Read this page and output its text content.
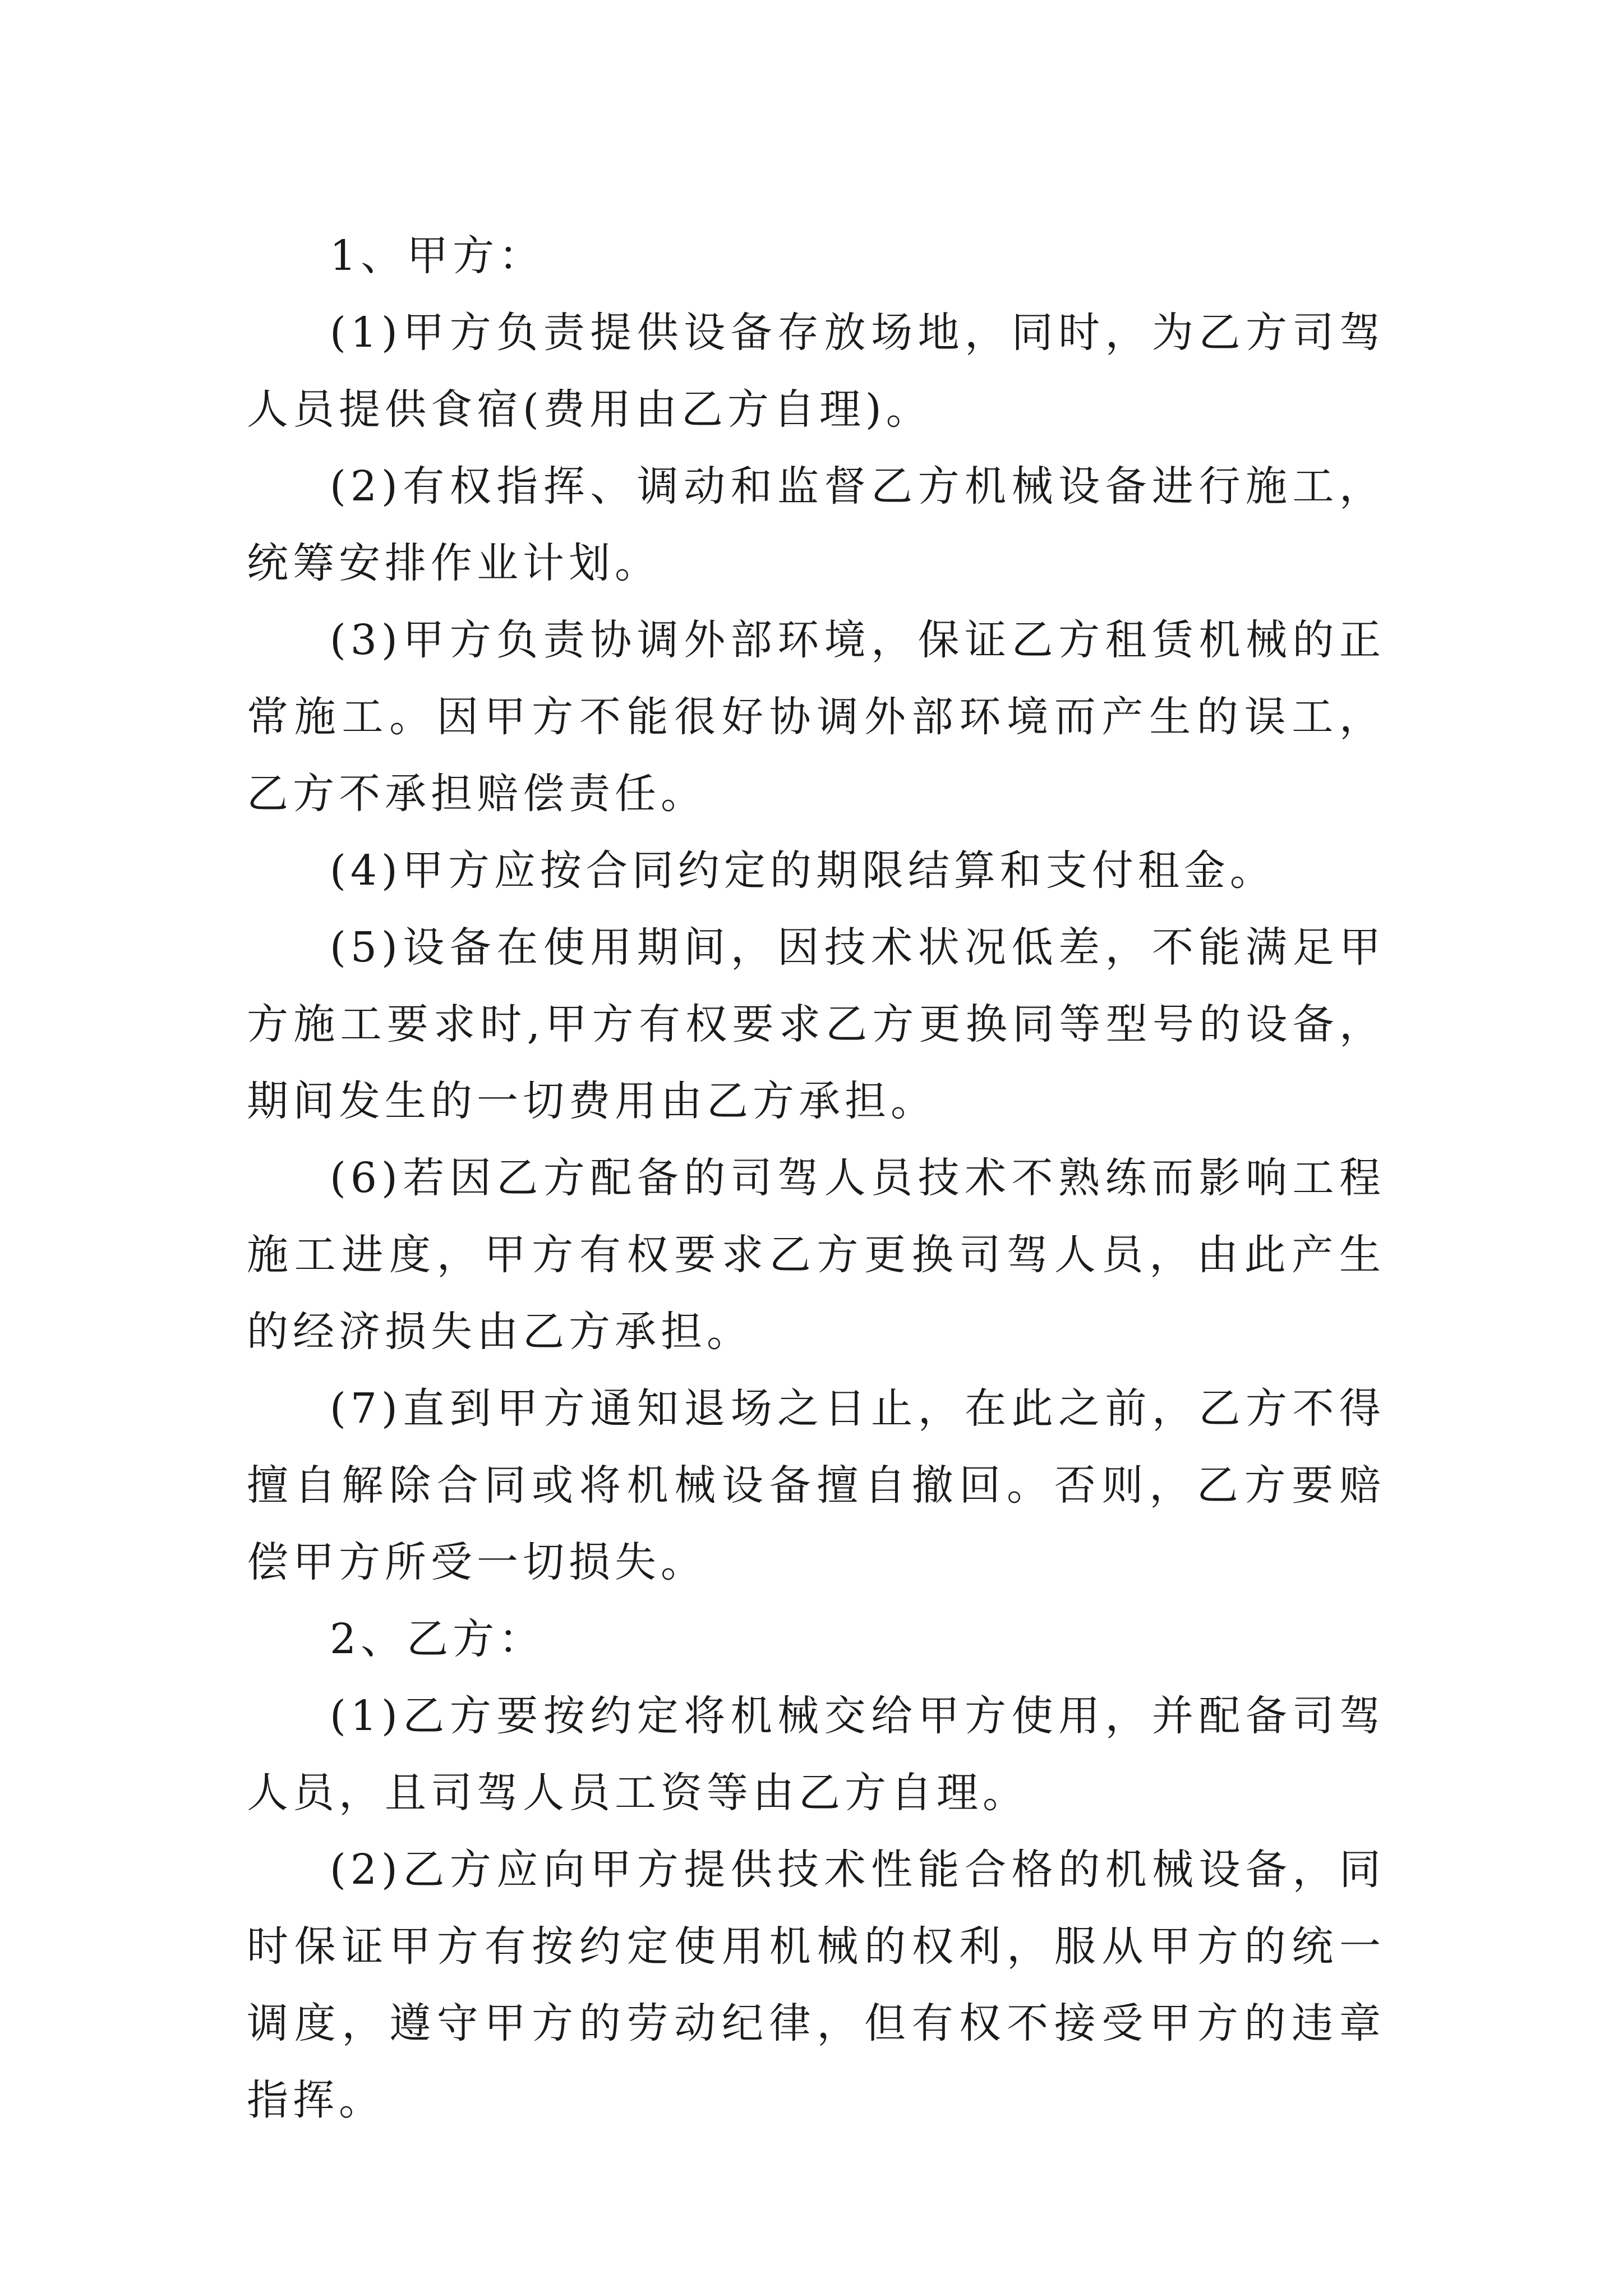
1、甲方：

(1)甲方负责提供设备存放场地，同时，为乙方司驾人员提供食宿(费用由乙方自理)。

(2)有权指挥、调动和监督乙方机械设备进行施工，统筹安排作业计划。

(3)甲方负责协调外部环境，保证乙方租赁机械的正常施工。因甲方不能很好协调外部环境而产生的误工，乙方不承担赔偿责任。

(4)甲方应按合同约定的期限结算和支付租金。

(5)设备在使用期间，因技术状况低差，不能满足甲方施工要求时,甲方有权要求乙方更换同等型号的设备，期间发生的一切费用由乙方承担。

(6)若因乙方配备的司驾人员技术不熟练而影响工程施工进度，甲方有权要求乙方更换司驾人员，由此产生的经济损失由乙方承担。

(7)直到甲方通知退场之日止，在此之前，乙方不得擅自解除合同或将机械设备擅自撤回。否则，乙方要赔偿甲方所受一切损失。

2、乙方：

(1)乙方要按约定将机械交给甲方使用，并配备司驾人员，且司驾人员工资等由乙方自理。

(2)乙方应向甲方提供技术性能合格的机械设备，同时保证甲方有按约定使用机械的权利，服从甲方的统一调度，遵守甲方的劳动纪律，但有权不接受甲方的违章指挥。
